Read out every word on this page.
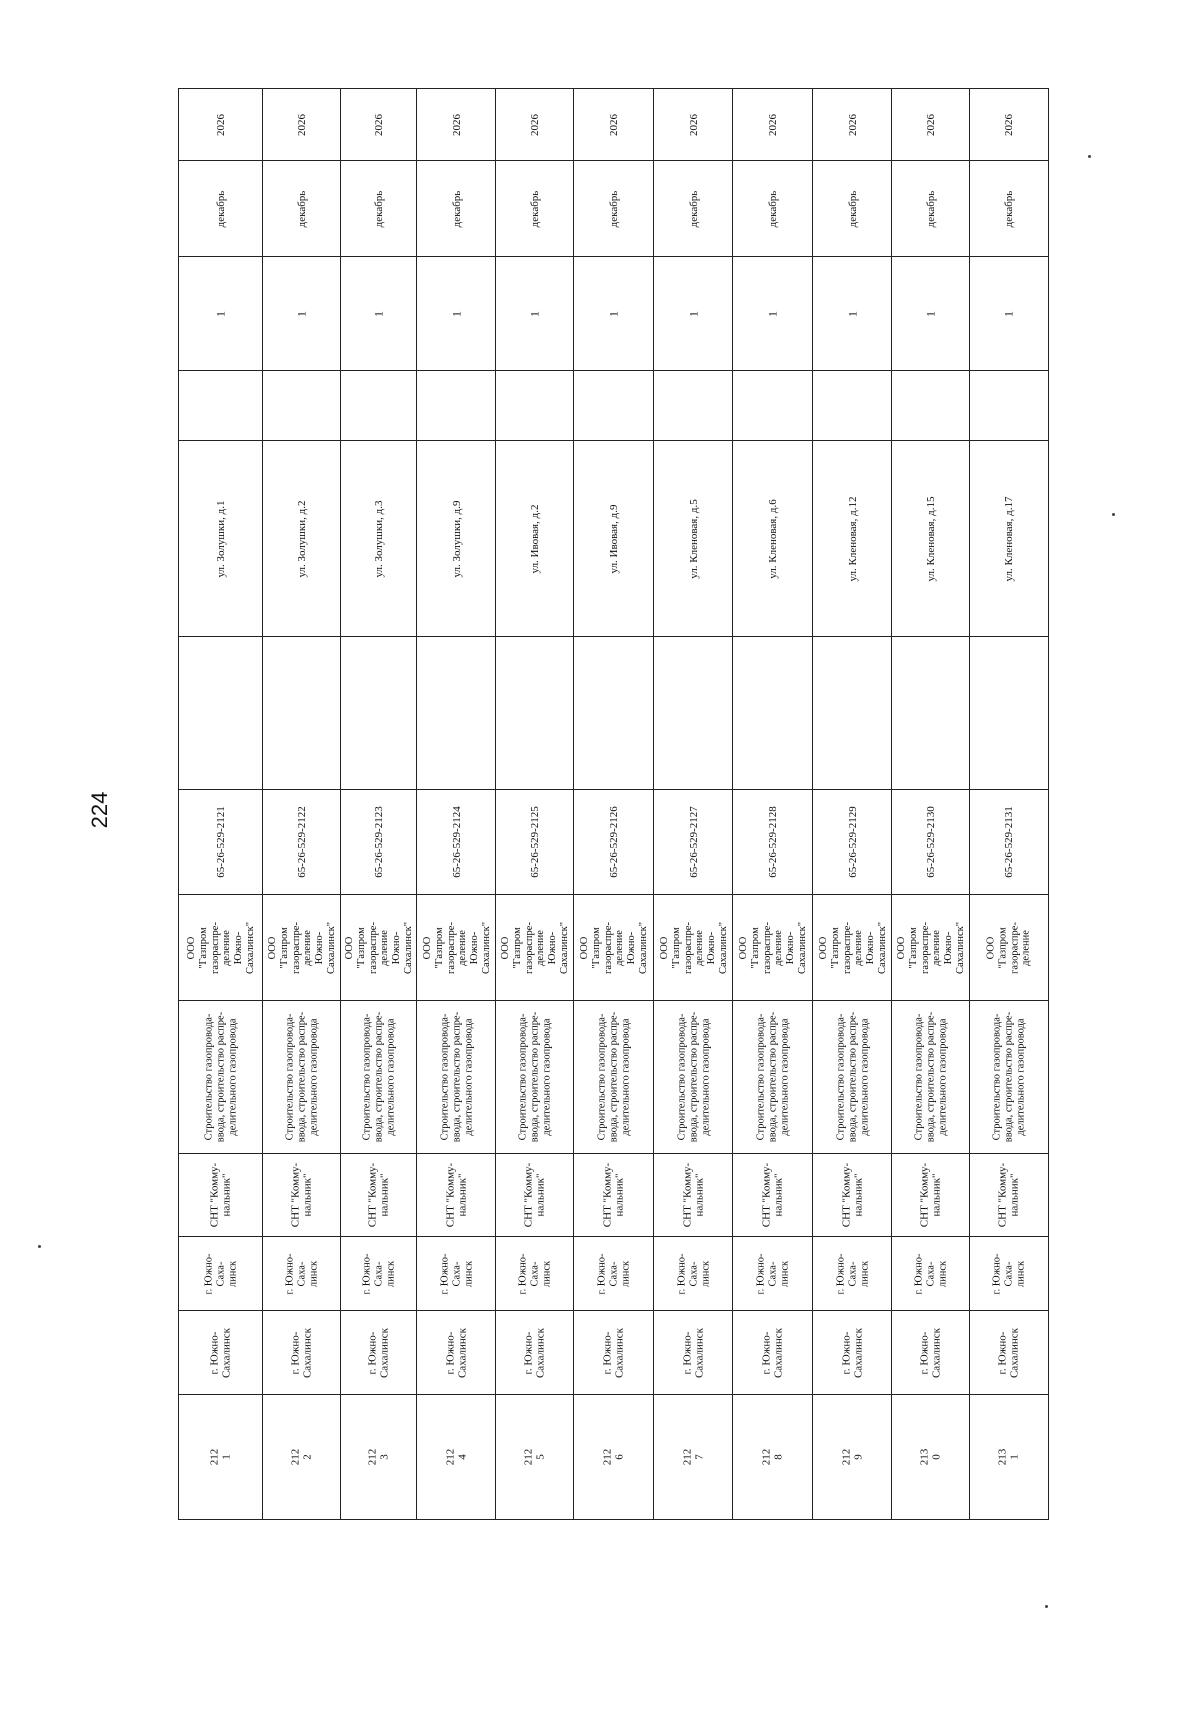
224
212
1
г. Южно-
Сахалинск
г. Южно-
Саха-
линск
СНТ "Комму-
нальник"
Строительство газопровода-
ввода, строительство распре-
делительного газопровода
ООО
"Газпром
газораспре-
деление
Южно-
Сахалинск"
65-26-529-2121
ул. Золушки, д.1
1
декабрь
2026
212
2
г. Южно-
Сахалинск
г. Южно-
Саха-
линск
СНТ "Комму-
нальник"
Строительство газопровода-
ввода, строительство распре-
делительного газопровода
ООО
"Газпром
газораспре-
деление
Южно-
Сахалинск"
65-26-529-2122
ул. Золушки, д.2
1
декабрь
2026
212
3
г. Южно-
Сахалинск
г. Южно-
Саха-
линск
СНТ "Комму-
нальник"
Строительство газопровода-
ввода, строительство распре-
делительного газопровода
ООО
"Газпром
газораспре-
деление
Южно-
Сахалинск"
65-26-529-2123
ул. Золушки, д.3
1
декабрь
2026
212
4
г. Южно-
Сахалинск
г. Южно-
Саха-
линск
СНТ "Комму-
нальник"
Строительство газопровода-
ввода, строительство распре-
делительного газопровода
ООО
"Газпром
газораспре-
деление
Южно-
Сахалинск"
65-26-529-2124
ул. Золушки, д.9
1
декабрь
2026
212
5
г. Южно-
Сахалинск
г. Южно-
Саха-
линск
СНТ "Комму-
нальник"
Строительство газопровода-
ввода, строительство распре-
делительного газопровода
ООО
"Газпром
газораспре-
деление
Южно-
Сахалинск"
65-26-529-2125
ул. Ивовая, д.2
1
декабрь
2026
212
6
г. Южно-
Сахалинск
г. Южно-
Саха-
линск
СНТ "Комму-
нальник"
Строительство газопровода-
ввода, строительство распре-
делительного газопровода
ООО
"Газпром
газораспре-
деление
Южно-
Сахалинск"
65-26-529-2126
ул. Ивовая, д.9
1
декабрь
2026
212
7
г. Южно-
Сахалинск
г. Южно-
Саха-
линск
СНТ "Комму-
нальник"
Строительство газопровода-
ввода, строительство распре-
делительного газопровода
ООО
"Газпром
газораспре-
деление
Южно-
Сахалинск"
65-26-529-2127
ул. Кленовая, д.5
1
декабрь
2026
212
8
г. Южно-
Сахалинск
г. Южно-
Саха-
линск
СНТ "Комму-
нальник"
Строительство газопровода-
ввода, строительство распре-
делительного газопровода
ООО
"Газпром
газораспре-
деление
Южно-
Сахалинск"
65-26-529-2128
ул. Кленовая, д.6
1
декабрь
2026
212
9
г. Южно-
Сахалинск
г. Южно-
Саха-
линск
СНТ "Комму-
нальник"
Строительство газопровода-
ввода, строительство распре-
делительного газопровода
ООО
"Газпром
газораспре-
деление
Южно-
Сахалинск"
65-26-529-2129
ул. Кленовая, д.12
1
декабрь
2026
213
0
г. Южно-
Сахалинск
г. Южно-
Саха-
линск
СНТ "Комму-
нальник"
Строительство газопровода-
ввода, строительство распре-
делительного газопровода
ООО
"Газпром
газораспре-
деление
Южно-
Сахалинск"
65-26-529-2130
ул. Кленовая, д.15
1
декабрь
2026
213
1
г. Южно-
Сахалинск
г. Южно-
Саха-
линск
СНТ "Комму-
нальник"
Строительство газопровода-
ввода, строительство распре-
делительного газопровода
ООО
"Газпром
газораспре-
деление
65-26-529-2131
ул. Кленовая, д.17
1
декабрь
2026
